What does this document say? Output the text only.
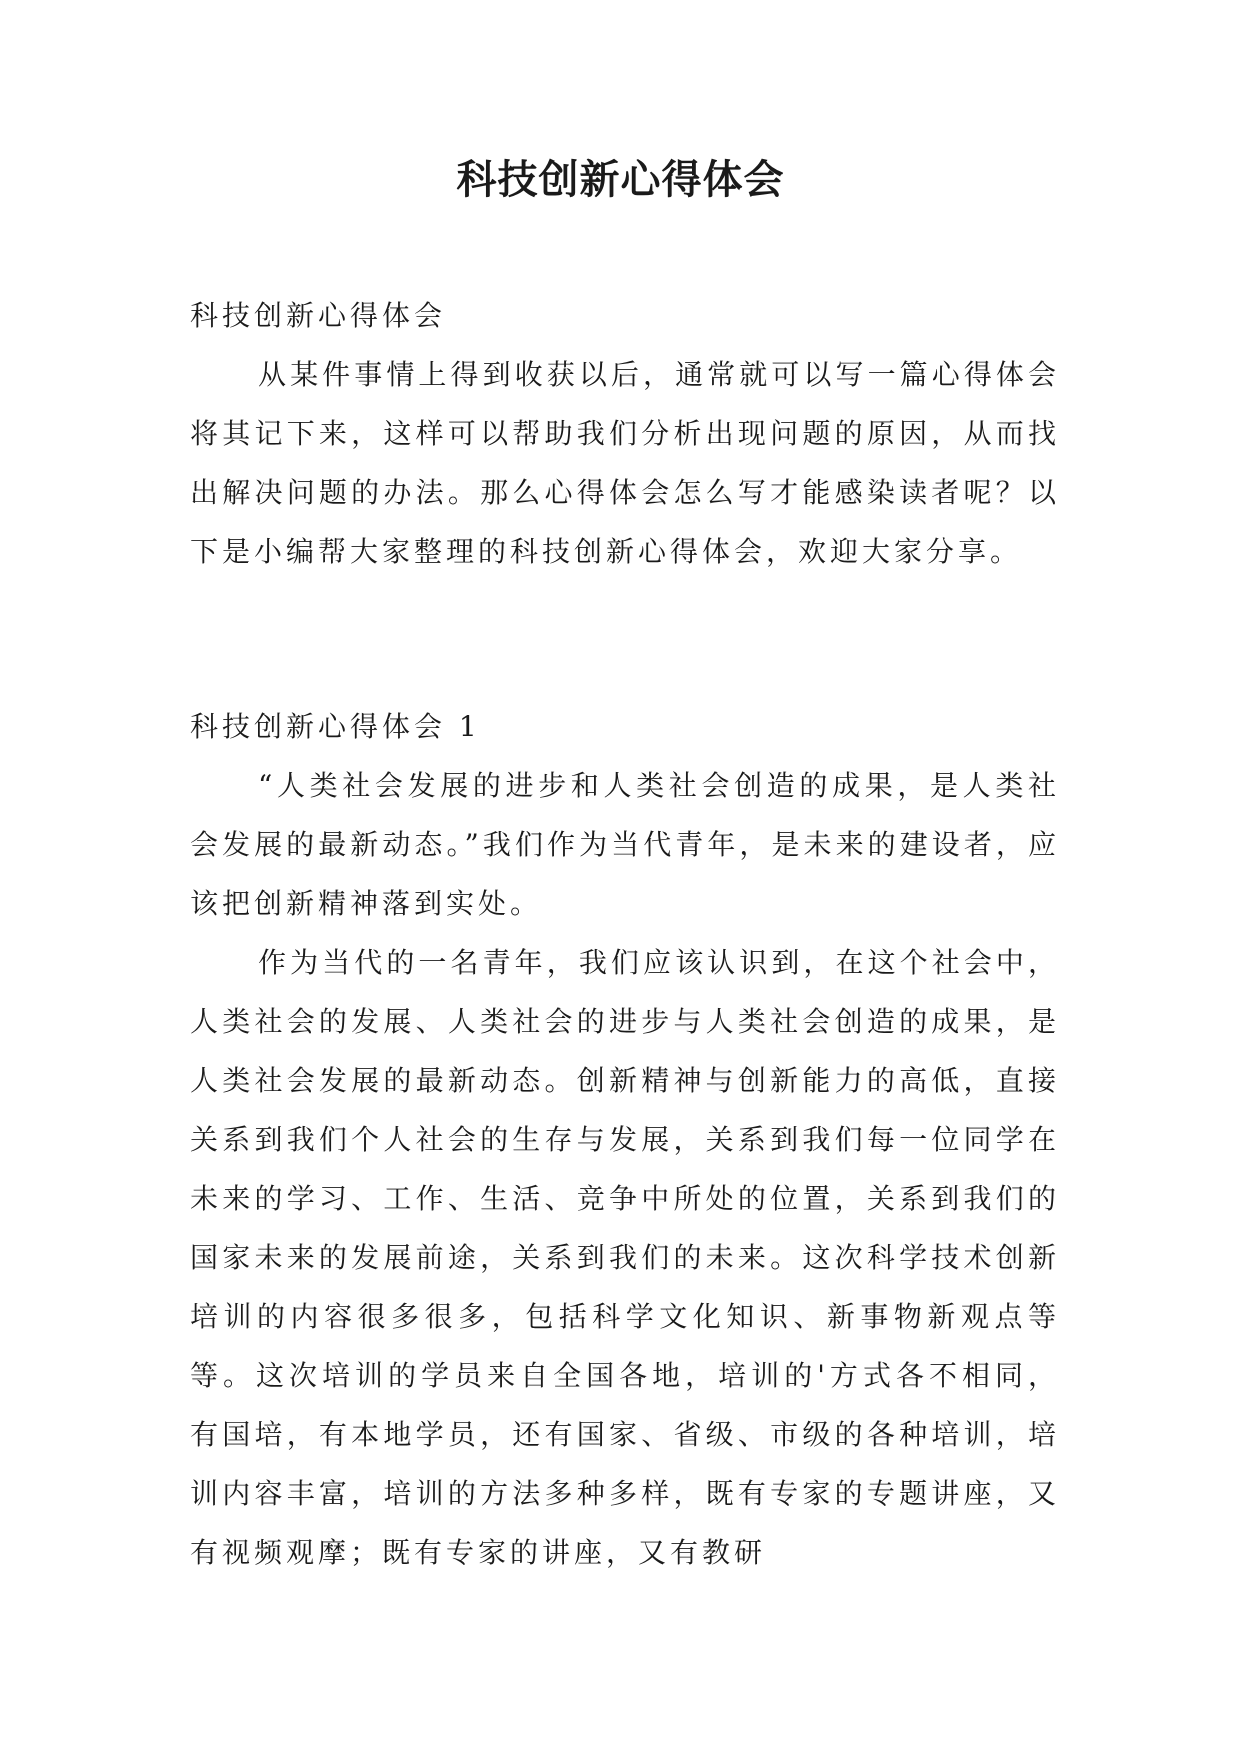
科技创新心得体会
科技创新心得体会

从某件事情上得到收获以后，通常就可以写一篇心得体会将其记下来，这样可以帮助我们分析出现问题的原因，从而找出解决问题的办法。那么心得体会怎么写才能感染读者呢？以下是小编帮大家整理的科技创新心得体会，欢迎大家分享。

科技创新心得体会 1

“人类社会发展的进步和人类社会创造的成果，是人类社会发展的最新动态。”我们作为当代青年，是未来的建设者，应该把创新精神落到实处。

作为当代的一名青年，我们应该认识到，在这个社会中，人类社会的发展、人类社会的进步与人类社会创造的成果，是人类社会发展的最新动态。创新精神与创新能力的高低，直接关系到我们个人社会的生存与发展，关系到我们每一位同学在未来的学习、工作、生活、竞争中所处的位置，关系到我们的国家未来的发展前途，关系到我们的未来。这次科学技术创新培训的内容很多很多，包括科学文化知识、新事物新观点等等。这次培训的学员来自全国各地，培训的'方式各不相同，有国培，有本地学员，还有国家、省级、市级的各种培训，培训内容丰富，培训的方法多种多样，既有专家的专题讲座，又有视频观摩；既有专家的讲座，又有教研
